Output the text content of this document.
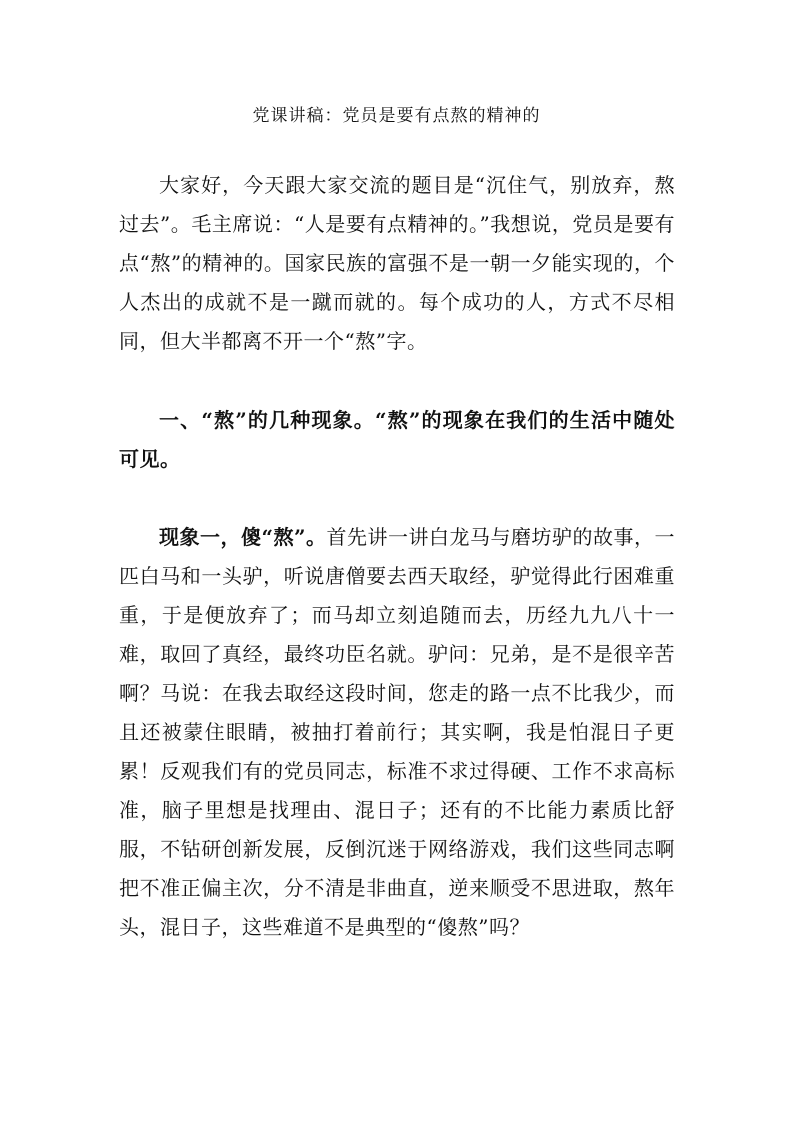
党课讲稿：党员是要有点熬的精神的

大家好，今天跟大家交流的题目是“沉住气，别放弃，熬过去”。毛主席说：“人是要有点精神的。”我想说，党员是要有点“熬”的精神的。国家民族的富强不是一朝一夕能实现的，个人杰出的成就不是一蹴而就的。每个成功的人，方式不尽相同，但大半都离不开一个“熬”字。

一、“熬”的几种现象。“熬”的现象在我们的生活中随处可见。

现象一，傻“熬”。首先讲一讲白龙马与磨坊驴的故事，一匹白马和一头驴，听说唐僧要去西天取经，驴觉得此行困难重重，于是便放弃了；而马却立刻追随而去，历经九九八十一难，取回了真经，最终功臣名就。驴问：兄弟，是不是很辛苦啊？马说：在我去取经这段时间，您走的路一点不比我少，而且还被蒙住眼睛，被抽打着前行；其实啊，我是怕混日子更累！反观我们有的党员同志，标准不求过得硬、工作不求高标准，脑子里想是找理由、混日子；还有的不比能力素质比舒服，不钻研创新发展，反倒沉迷于网络游戏，我们这些同志啊把不准正偏主次，分不清是非曲直，逆来顺受不思进取，熬年头，混日子，这些难道不是典型的“傻熬”吗？
